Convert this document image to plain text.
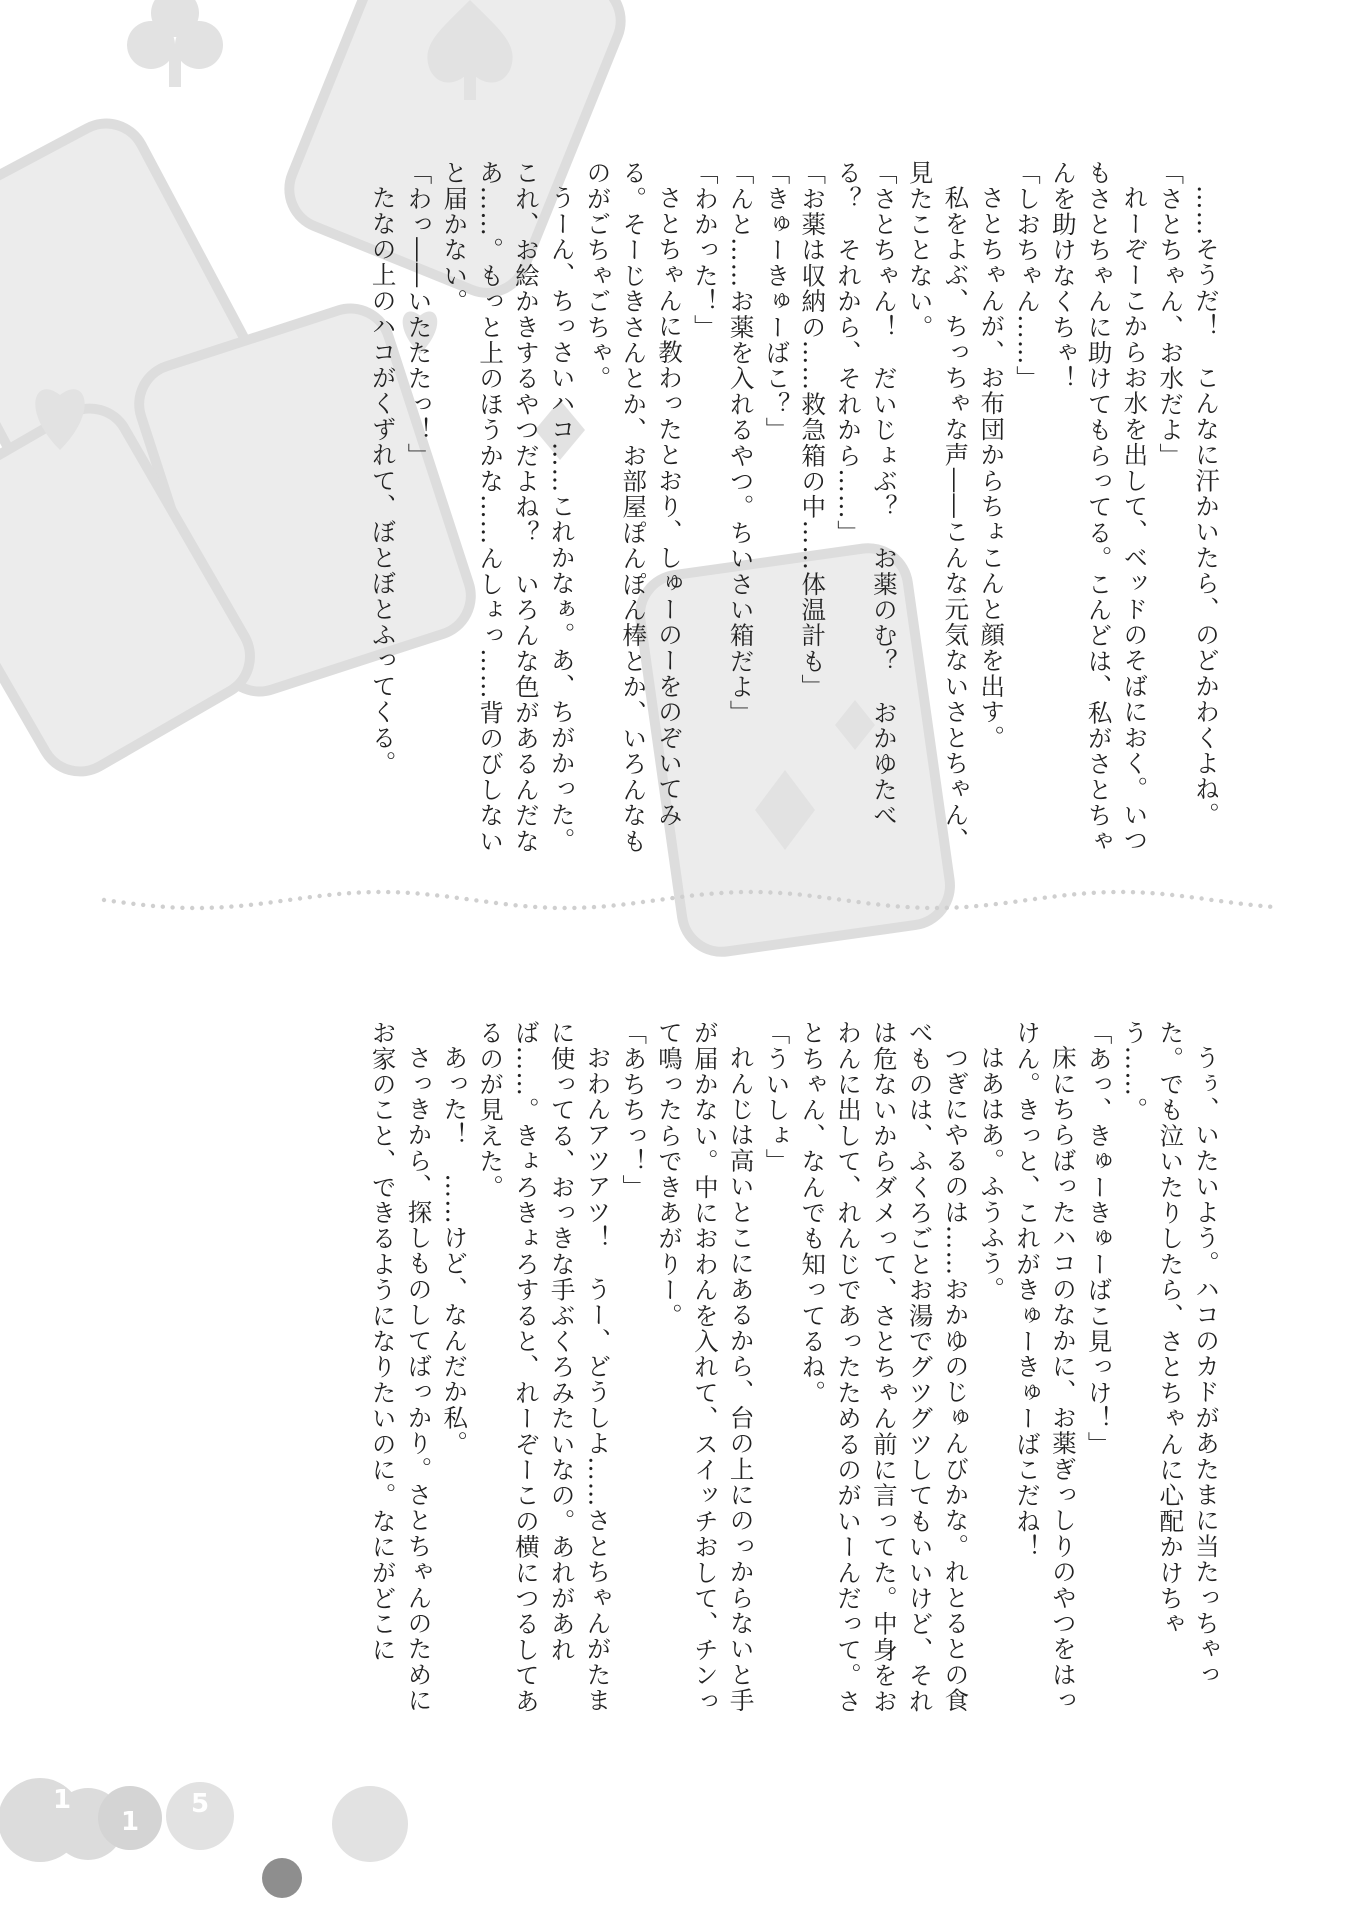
……そうだ！　こんなに汗かいたら、のどかわくよね。

「さとちゃん、お水だよ」

れーぞーこからお水を出して、ベッドのそばにおく。いつもさとちゃんに助けてもらってる。こんどは、私がさとちゃんを助けなくちゃ！

「しおちゃん……」

さとちゃんが、お布団からちょこんと顔を出す。

私をよぶ、ちっちゃな声――こんな元気ないさとちゃん、見たことない。

「さとちゃん！　だいじょぶ？　お薬のむ？　おかゆたべる？　それから、それから……」

「お薬は収納の……救急箱の中……体温計も」

「きゅーきゅーばこ？」

「んと……お薬を入れるやつ。ちいさい箱だよ」

「わかった！」

さとちゃんに教わったとおり、しゅーのーをのぞいてみる。そーじきさんとか、お部屋ぽんぽん棒とか、いろんなものがごちゃごちゃ。

うーん、ちっさいハコ……これかなぁ。あ、ちがかった。これ、お絵かきするやつだよね？　いろんな色があるんだなあ……。もっと上のほうかな……んしょっ……背のびしないと届かない。

「わっ――いたたたっ！」

たなの上のハコがくずれて、ぼとぼとふってくる。

うぅ、いたいよう。ハコのカドがあたまに当たっちゃった。でも泣いたりしたら、さとちゃんに心配かけちゃう……。

「あっ、きゅーきゅーばこ見っけ！」

床にちらばったハコのなかに、お薬ぎっしりのやつをはっけん。きっと、これがきゅーきゅーばこだね！

はあはあ。ふうふう。

つぎにやるのは……おかゆのじゅんびかな。れとるとの食べものは、ふくろごとお湯でグツグツしてもいいけど、それは危ないからダメって、さとちゃん前に言ってた。中身をおわんに出して、れんじであったためるのがいーんだって。さとちゃん、なんでも知ってるね。

「ういしょ」

れんじは高いとこにあるから、台の上にのっからないと手が届かない。中におわんを入れて、スイッチおして、チンって鳴ったらできあがりー。

「あちちっ！」

おわんアツアツ！　うー、どうしよ……さとちゃんがたまに使ってる、おっきな手ぶくろみたいなの。あれがあれば……。きょろきょろすると、れーぞーこの横につるしてあるのが見えた。

あった！　……けど、なんだか私。

さっきから、探しものしてばっかり。さとちゃんのためにお家のこと、できるようになりたいのに。なにがどこに

1
1
5
